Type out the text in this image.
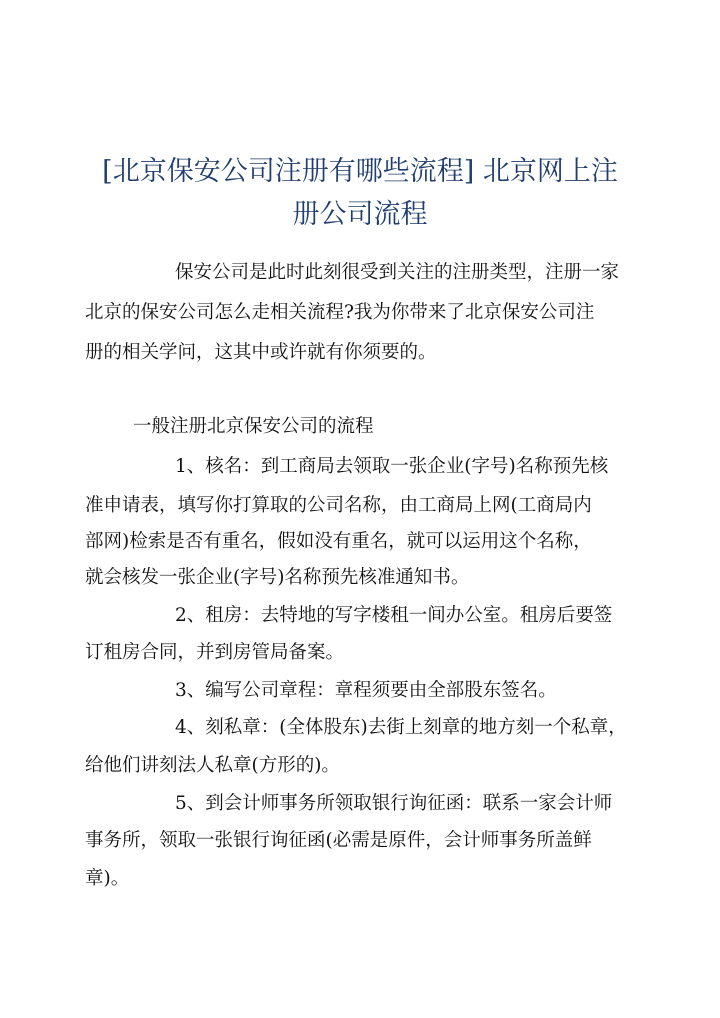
[北京保安公司注册有哪些流程] 北京网上注
册公司流程

保安公司是此时此刻很受到关注的注册类型，注册一家

北京的保安公司怎么走相关流程?我为你带来了北京保安公司注

册的相关学问，这其中或许就有你须要的。

一般注册北京保安公司的流程

1、核名：到工商局去领取一张企业(字号)名称预先核

准申请表，填写你打算取的公司名称，由工商局上网(工商局内

部网)检索是否有重名，假如没有重名，就可以运用这个名称，

就会核发一张企业(字号)名称预先核准通知书。

2、租房：去特地的写字楼租一间办公室。租房后要签

订租房合同，并到房管局备案。

3、编写公司章程：章程须要由全部股东签名。

4、刻私章：(全体股东)去街上刻章的地方刻一个私章，

给他们讲刻法人私章(方形的)。

5、到会计师事务所领取银行询征函：联系一家会计师

事务所，领取一张银行询征函(必需是原件，会计师事务所盖鲜

章)。
